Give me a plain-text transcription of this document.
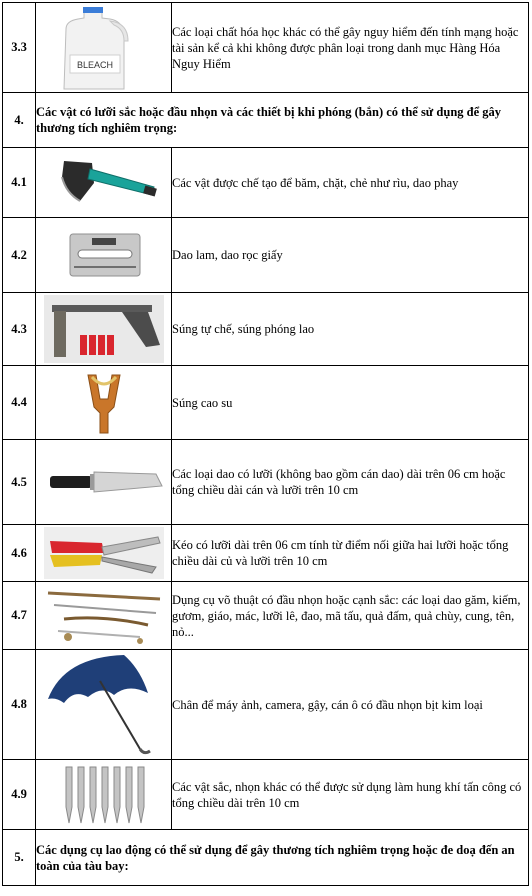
3.3	BLEACH	Các loại chất hóa học khác có thể gây nguy hiểm đến tính mạng hoặc tài sản kể cả khi không được phân loại trong danh mục Hàng Hóa Nguy Hiểm
4.	Các vật có lưỡi sắc hoặc đầu nhọn và các thiết bị khi phóng (bắn) có thể sử dụng để gây thương tích nghiêm trọng:	
4.1		Các vật được chế tạo để băm, chặt, chẻ như rìu, dao phay
4.2		Dao lam, dao rọc giấy
4.3		Súng tự chế, súng phóng lao
4.4		Súng cao su
4.5		Các loại dao có lưỡi (không bao gồm cán dao) dài trên 06 cm hoặc tổng chiều dài cán và lưỡi trên 10 cm
4.6		Kéo có lưỡi dài trên 06 cm tính từ điểm nối giữa hai lưỡi hoặc tổng chiều dài củ và lưỡi trên 10 cm
4.7		Dụng cụ võ thuật có đầu nhọn hoặc cạnh sắc: các loại dao găm, kiếm, gươm, giáo, mác, lưỡi lê, đao, mã tấu, quả đấm, quả chùy, cung, tên, nỏ...
4.8		Chân để máy ảnh, camera, gậy, cán ô có đầu nhọn bịt kim loại
4.9		Các vật sắc, nhọn khác có thể được sử dụng làm hung khí tấn công có tổng chiều dài trên 10 cm
5.	Các dụng cụ lao động có thể sử dụng để gây thương tích nghiêm trọng hoặc đe doạ đến an toàn của tàu bay:	
